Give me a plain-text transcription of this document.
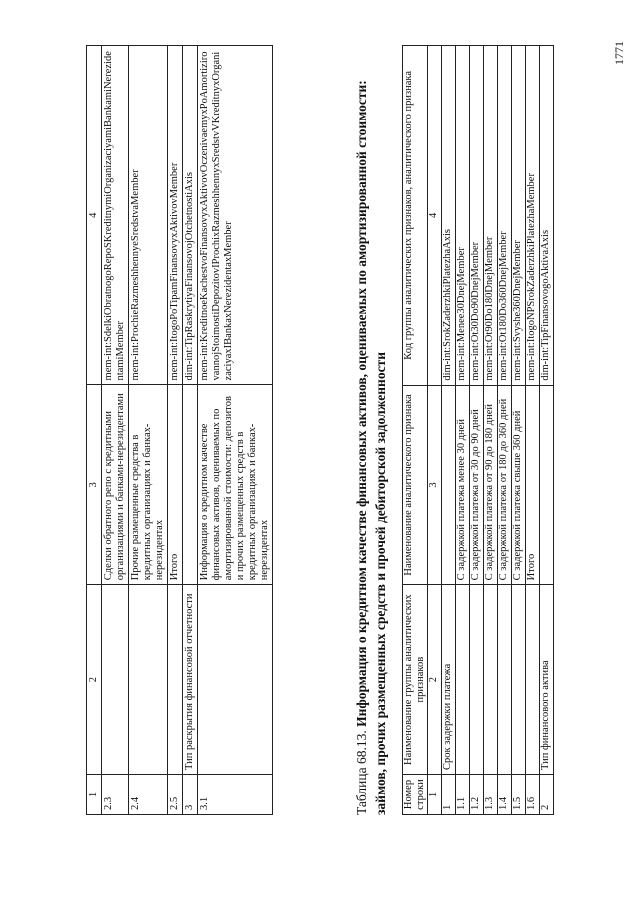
1	2	3	4
2.3		Сделки обратного репо с кредитными организациями и банками-нерезидентами	mem-int:SdelkiObratnogoRepoSKreditnymiOrganizaciyamiBankamiNerezidentamiMember
2.4		Прочие размещенные средства в кредитных организациях и банках-нерезидентах	mem-int:ProchieRazmeshhennyeSredstvaMember
2.5		Итого	mem-int:ItogoPoTipamFinansovyxAktivovMember
3	Тип раскрытия финансовой отчетности		dim-int:TipRaskrytiyaFinansovojOtchetnostiAxis
3.1		Информация о кредитном качестве финансовых активов, оцениваемых по амортизированной стоимости: депозитов и прочих размещенных средств в кредитных организациях и банках-нерезидентах	mem-int:KreditnoeKachestvoFinansovyxAktivovOczenivaemyxPoAmortizirovannojStoimostiDepozitovIProchixRazmeshhennyxSredstvVKreditnyxOrganizaciyaxIBankaxNerezidentaxMember
Таблица 68.13. Информация о кредитном качестве финансовых активов, оцениваемых по амортизированной стоимости: займов, прочих размещенных средств и прочей дебиторской задолженности Номер строки	Наименование группы аналитических признаков	Наименование аналитического признака	Код группы аналитических признаков, аналитического признака
1	2	3	4
1	Срок задержки платежа		dim-int:SrokZaderzhkiPlatezhaAxis
1.1		С задержкой платежа менее 30 дней	mem-int:Menee30DnejMember
1.2		С задержкой платежа от 30 до 90 дней	mem-int:Ot30Do90DnejMember
1.3		С задержкой платежа от 90 до 180 дней	mem-int:Ot90Do180DnejMember
1.4		С задержкой платежа от 180 до 360 дней	mem-int:Ot180Do360DnejMember
1.5		С задержкой платежа свыше 360 дней	mem-int:Svyshe360DnejMember
1.6		Итого	mem-int:ItogoNPSrokZaderzhkiPlatezhaMember
2	Тип финансового актива		dim-int:TipFinansovogoAktivaAxis
1771
